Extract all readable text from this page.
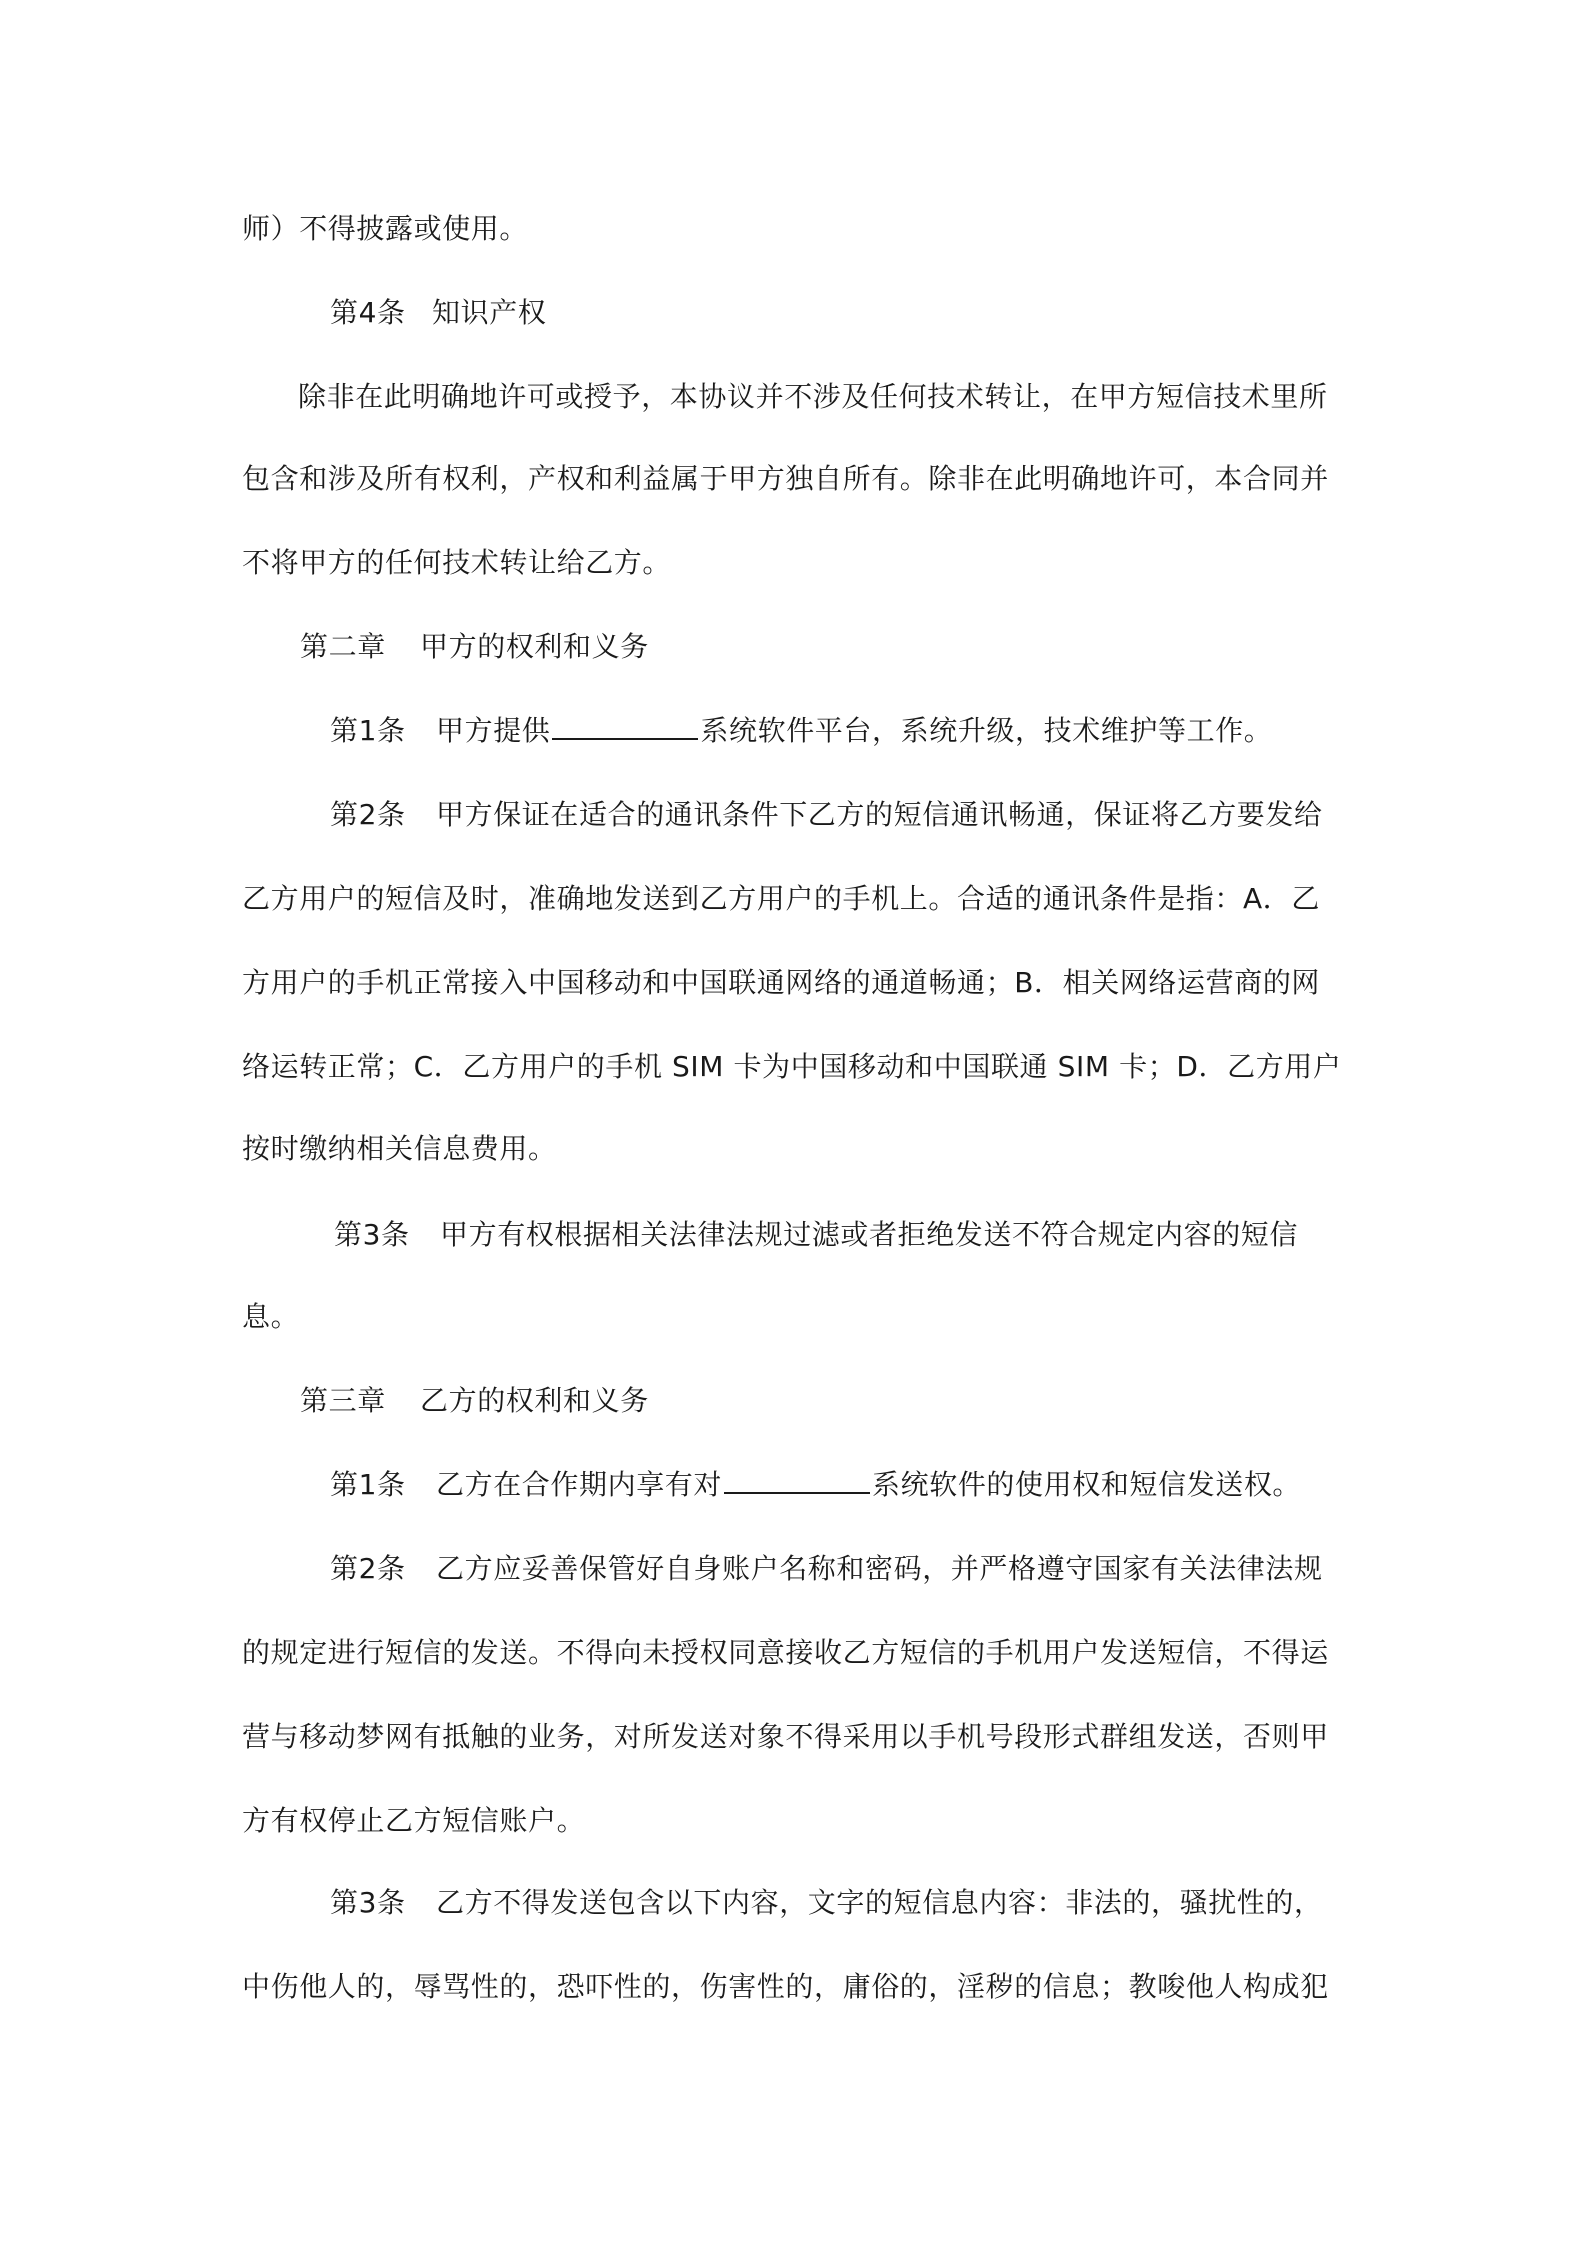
师）不得披露或使用。
第4条 知识产权
除非在此明确地许可或授予，本协议并不涉及任何技术转让，在甲方短信技术里所
包含和涉及所有权利，产权和利益属于甲方独自所有。除非在此明确地许可，本合同并
不将甲方的任何技术转让给乙方。
第二章 甲方的权利和义务
第1条 甲方提供	系统软件平台，系统升级，技术维护等工作。
第2条 甲方保证在适合的通讯条件下乙方的短信通讯畅通，保证将乙方要发给
乙方用户的短信及时，准确地发送到乙方用户的手机上。合适的通讯条件是指：A．乙
方用户的手机正常接入中国移动和中国联通网络的通道畅通；B．相关网络运营商的网
络运转正常；C．乙方用户的手机 SIM 卡为中国移动和中国联通 SIM 卡；D．乙方用户
按时缴纳相关信息费用。
第3条 甲方有权根据相关法律法规过滤或者拒绝发送不符合规定内容的短信
息。
第三章 乙方的权利和义务
第1条 乙方在合作期内享有对	系统软件的使用权和短信发送权。
第2条 乙方应妥善保管好自身账户名称和密码，并严格遵守国家有关法律法规
的规定进行短信的发送。不得向未授权同意接收乙方短信的手机用户发送短信，不得运
营与移动梦网有抵触的业务，对所发送对象不得采用以手机号段形式群组发送，否则甲
方有权停止乙方短信账户。
第3条 乙方不得发送包含以下内容，文字的短信息内容：非法的，骚扰性的，
中伤他人的，辱骂性的，恐吓性的，伤害性的，庸俗的，淫秽的信息；教唆他人构成犯
